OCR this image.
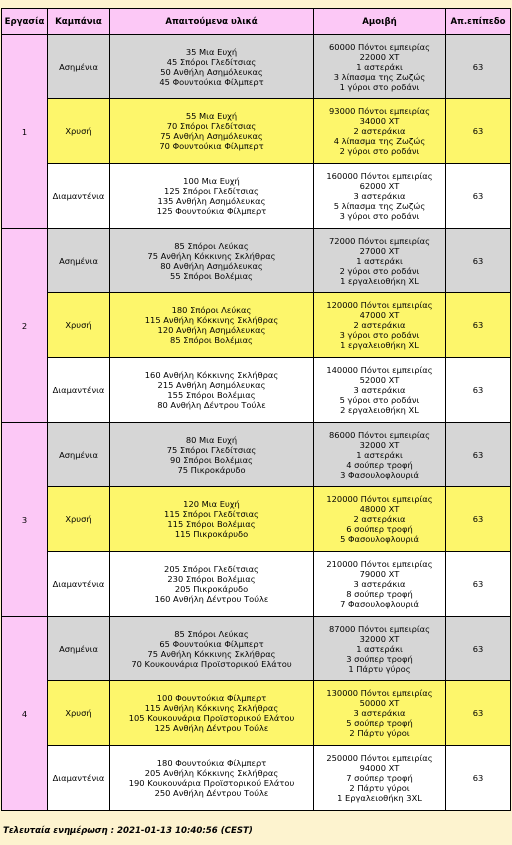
Εργασία	Καμπάνια	Απαιτούμενα υλικά	Αμοιβή	Απ.επίπεδο
1	Ασημένια	35 Μια Ευχή
45 Σπόροι Γλεδίτσιας
50 Ανθήλη Ασημόλευκας
45 Φουντούκια Φίλμπερτ	60000 Πόντοι εμπειρίας
22000 ΧΤ
1 αστεράκι
3 λίπασμα της Ζωζώς
1 γύροι στο ροδάνι	63
	Χρυσή	55 Μια Ευχή
70 Σπόροι Γλεδίτσιας
75 Ανθήλη Ασημόλευκας
70 Φουντούκια Φίλμπερτ	93000 Πόντοι εμπειρίας
34000 ΧΤ
2 αστεράκια
4 λίπασμα της Ζωζώς
2 γύροι στο ροδάνι	63
	Διαμαντένια	100 Μια Ευχή
125 Σπόροι Γλεδίτσιας
135 Ανθήλη Ασημόλευκας
125 Φουντούκια Φίλμπερτ	160000 Πόντοι εμπειρίας
62000 ΧΤ
3 αστεράκια
5 λίπασμα της Ζωζώς
3 γύροι στο ροδάνι	63
2	Ασημένια	85 Σπόροι Λεύκας
75 Ανθήλη Κόκκινης Σκλήθρας
80 Ανθήλη Ασημόλευκας
55 Σπόροι Βολέμιας	72000 Πόντοι εμπειρίας
27000 ΧΤ
1 αστεράκι
2 γύροι στο ροδάνι
1 εργαλειοθήκη XL	63
	Χρυσή	180 Σπόροι Λεύκας
115 Ανθήλη Κόκκινης Σκλήθρας
120 Ανθήλη Ασημόλευκας
85 Σπόροι Βολέμιας	120000 Πόντοι εμπειρίας
47000 ΧΤ
2 αστεράκια
3 γύροι στο ροδάνι
1 εργαλειοθήκη XL	63
	Διαμαντένια	160 Ανθήλη Κόκκινης Σκλήθρας
215 Ανθήλη Ασημόλευκας
155 Σπόροι Βολέμιας
80 Ανθήλη Δέντρου Τούλε	140000 Πόντοι εμπειρίας
52000 ΧΤ
3 αστεράκια
5 γύροι στο ροδάνι
2 εργαλειοθήκη XL	63
3	Ασημένια	80 Μια Ευχή
75 Σπόροι Γλεδίτσιας
90 Σπόροι Βολέμιας
75 Πικροκάρυδο	86000 Πόντοι εμπειρίας
32000 ΧΤ
1 αστεράκι
4 σούπερ τροφή
3 Φασουλοφλουριά	63
	Χρυσή	120 Μια Ευχή
115 Σπόροι Γλεδίτσιας
115 Σπόροι Βολέμιας
115 Πικροκάρυδο	120000 Πόντοι εμπειρίας
48000 ΧΤ
2 αστεράκια
6 σούπερ τροφή
5 Φασουλοφλουριά	63
	Διαμαντένια	205 Σπόροι Γλεδίτσιας
230 Σπόροι Βολέμιας
205 Πικροκάρυδο
160 Ανθήλη Δέντρου Τούλε	210000 Πόντοι εμπειρίας
79000 ΧΤ
3 αστεράκια
8 σούπερ τροφή
7 Φασουλοφλουριά	63
4	Ασημένια	85 Σπόροι Λεύκας
65 Φουντούκια Φίλμπερτ
75 Ανθήλη Κόκκινης Σκλήθρας
70 Κουκουνάρια Προϊστορικού Ελάτου	87000 Πόντοι εμπειρίας
32000 ΧΤ
1 αστεράκι
3 σούπερ τροφή
1 Πάρτυ γύρος	63
	Χρυσή	100 Φουντούκια Φίλμπερτ
115 Ανθήλη Κόκκινης Σκλήθρας
105 Κουκουνάρια Προϊστορικού Ελάτου
125 Ανθήλη Δέντρου Τούλε	130000 Πόντοι εμπειρίας
50000 ΧΤ
3 αστεράκια
5 σούπερ τροφή
2 Πάρτυ γύροι	63
	Διαμαντένια	180 Φουντούκια Φίλμπερτ
205 Ανθήλη Κόκκινης Σκλήθρας
190 Κουκουνάρια Προϊστορικού Ελάτου
250 Ανθήλη Δέντρου Τούλε	250000 Πόντοι εμπειρίας
94000 ΧΤ
7 σούπερ τροφή
2 Πάρτυ γύροι
1 Εργαλειοθήκη 3XL	63
Τελευταία ενημέρωση : 2021-01-13 10:40:56 (CEST)
